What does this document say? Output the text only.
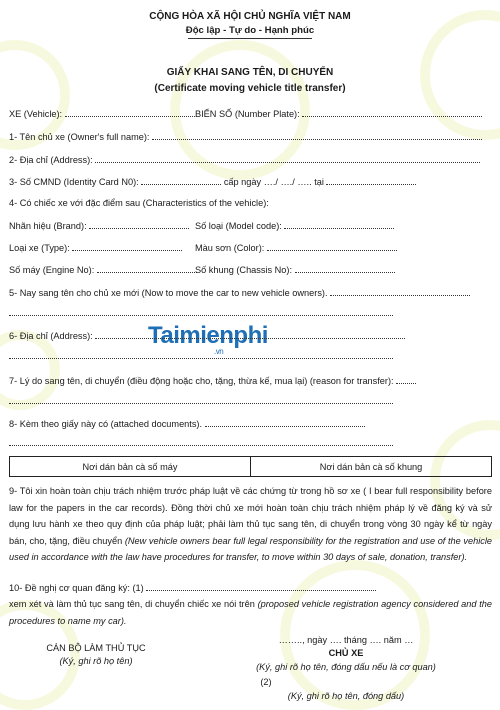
Taimienphi
.vn
CỘNG HÒA XÃ HỘI CHỦ NGHĨA VIỆT NAM
Độc lập - Tự do - Hạnh phúc
GIẤY KHAI SANG TÊN, DI CHUYỂN
(Certificate moving vehicle title transfer)
XE (Vehicle):	BIỂN SỐ (Number Plate):
1- Tên chủ xe (Owner's full name):
2- Địa chỉ (Address):
3- Số CMND (Identity Card N0):	cấp ngày …./ …./ ….. tại
4- Có chiếc xe với đặc điểm sau (Characteristics of the vehicle):
Nhãn hiệu (Brand):	Số loại (Model code):
Loại xe (Type):	Màu sơn (Color):
Số máy (Engine No):	Số khung (Chassis No):
5- Nay sang tên cho chủ xe mới (Now to move the car to new vehicle owners).
6- Địa chỉ (Address):
7- Lý do sang tên, di chuyển (điều động hoặc cho, tặng, thừa kế, mua lại) (reason for transfer):
8- Kèm theo giấy này có (attached documents).
Nơi dán bản cà số máy	Nơi dán bản cà số khung
9- Tôi xin hoàn toàn chịu trách nhiệm trước pháp luật về các chứng từ trong hồ sơ xe ( I bear full responsibility before law for the papers in the car records). Đồng thời chủ xe mới hoàn toàn chịu trách nhiệm pháp lý về đăng ký và sử dụng lưu hành xe theo quy định của pháp luật; phải làm thủ tục sang tên, di chuyển trong vòng 30 ngày kể từ ngày bán, cho, tặng, điều chuyển (New vehicle owners bear full legal responsibility for the registration and use of the vehicle used in accordance with the law have procedures for transfer, to move within 30 days of sale, donation, transfer).
10- Đề nghị cơ quan đăng ký: (1)
xem xét và làm thủ tục sang tên, di chuyển chiếc xe nói trên (proposed vehicle registration agency considered and the procedures to name my car).
CÁN BỘ LÀM THỦ TỤC
(Ký, ghi rõ họ tên)
…….., ngày …. tháng …. năm …
CHỦ XE
(Ký, ghi rõ họ tên, đóng dấu nếu là cơ quan)
(2)
(Ký, ghi rõ họ tên, đóng dấu)
